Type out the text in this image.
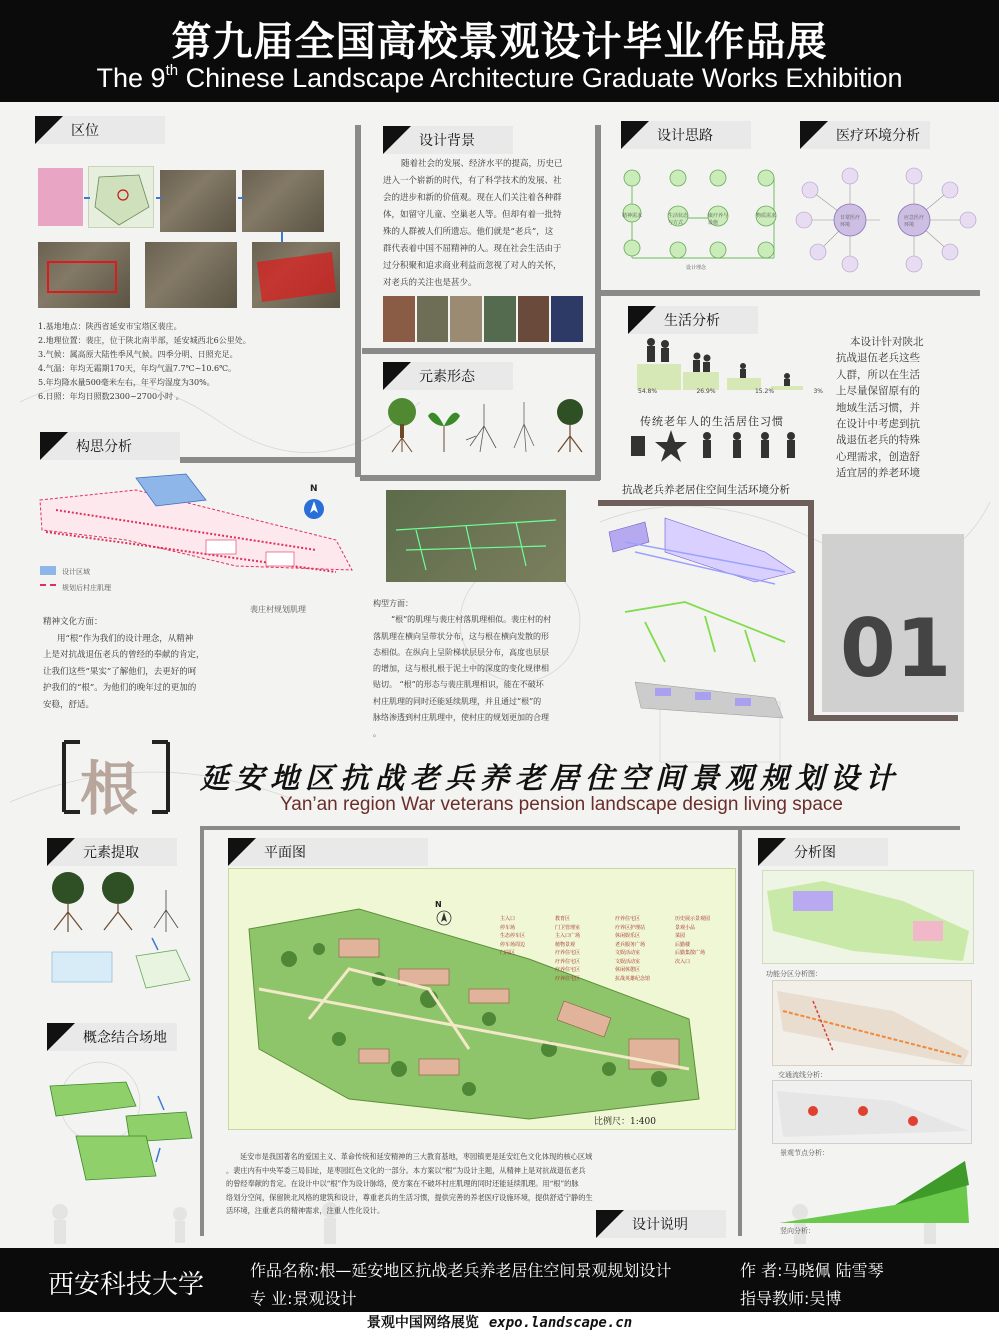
第九届全国高校景观设计毕业作品展
The 9th Chinese Landscape Architecture Graduate Works Exhibition
区位
1.基地地点：陕西省延安市宝塔区裴庄。
2.地理位置：裴庄，位于陕北南半部，延安城西北6公里处。
3.气候：属高原大陆性季风气候。四季分明、日照充足。
4.气温：年均无霜期170天，年均气温7.7℃~10.6℃。
5.年均降水量500毫米左右，年平均湿度为30%。
6.日照：年均日照数2300~2700小时 。
构思分析
N
设计区域
规划后村庄肌理
裴庄村规划肌理
精神文化方面：
用“根”作为我们的设计理念，从精神
上是对抗战退伍老兵的曾经的奉献的肯定，
让我们这些“果实”了解他们，去更好的呵
护我们的“根”。为他们的晚年过的更加的
安稳，舒适。
设计背景
随着社会的发展、经济水平的提高，历史已
进入一个崭新的时代，有了科学技术的发展、社
会的进步和新的价值观。现在人们关注着各种群
体，如留守儿童、空巢老人等。但却有着一批特
殊的人群被人们所遗忘。他们就是“老兵”，这
群代表着中国不屈精神的人。现在社会生活由于
过分积聚和追求商业利益而忽视了对人的关怀，
对老兵的关注也是甚少。
元素形态
构型方面：
“根”的肌理与裴庄村落肌理相似。裴庄村的村
落肌理在横向呈带状分布，这与根在横向发散的形
态相似。在纵向上呈阶梯状层层分布，高度也层层
的增加，这与根扎根于泥土中的深度的变化规律相
贴切。 “根”的形态与裴庄肌理相识，能在不破坏
村庄肌理的同时还能延续肌理，并且通过“根”的
脉络渗透到村庄肌理中，使村庄的规划更加的合理
。
设计思路
精神需求	生活状态与方式
康疗养与设施
物质需求
设计理念
医疗环境分析
日常医疗环境
应急医疗环境
生活分析
54.8%	26.9%	15.2%	3%
传统老年人的生活居住习惯
抗战老兵养老居住空间生活环境分析
本设计针对陕北
抗战退伍老兵这些
人群，所以在生活
上尽量保留原有的
地域生活习惯，并
在设计中考虑到抗
战退伍老兵的特殊
心理需求，创造舒
适宜居的养老环境
01
根 延安地区抗战老兵养老居住空间景观规划设计
Yan’an region War veterans pension landscape design living space
元素提取
概念结合场地
平面图
N
主入口
停车场
生态停车区
停车场周边
门岗区
教育区
门卫管理室
主入口广场
植物景观
疗养住宅区
疗养住宅区
疗养住宅区
疗养住宅区
疗养住宅区
疗养区护理站
休闲娱乐区
老兵服务广场
文娱活动室
文娱活动室
休闲休憩区
抗战英雄纪念馆
历史展示景观园
景观小品
菜园
后勤楼
后勤集散广场
次入口
比例尺：1:400
延安市是我国著名的爱国主义、革命传统和延安精神的三大教育基地，枣园镇更是延安红色文化体现的核心区域
。裴庄内有中央军委三局旧址，是枣园红色文化的一部分。本方案以“根”为设计主题，从精神上是对抗战退伍老兵
的曾经奉献的肯定。在设计中以“根”作为设计脉络，使方案在不破坏村庄肌理的同时还能延续肌理。用“根”的脉
络划分空间，保留陕北风格的建筑和设计，尊重老兵的生活习惯，提供完善的养老医疗设施环境，提供舒适宁静的生
活环境，注重老兵的精神需求，注重人性化设计。
设计说明
分析图
功能分区分析图：
交通流线分析：
景观节点分析：
竖向分析：
西安科技大学	作品名称:根—延安地区抗战老兵养老居住空间景观规划设计	作 者:马晓佩 陆雪琴
专 业:景观设计	指导教师:吴博
景观中国网络展览 expo.landscape.cn
